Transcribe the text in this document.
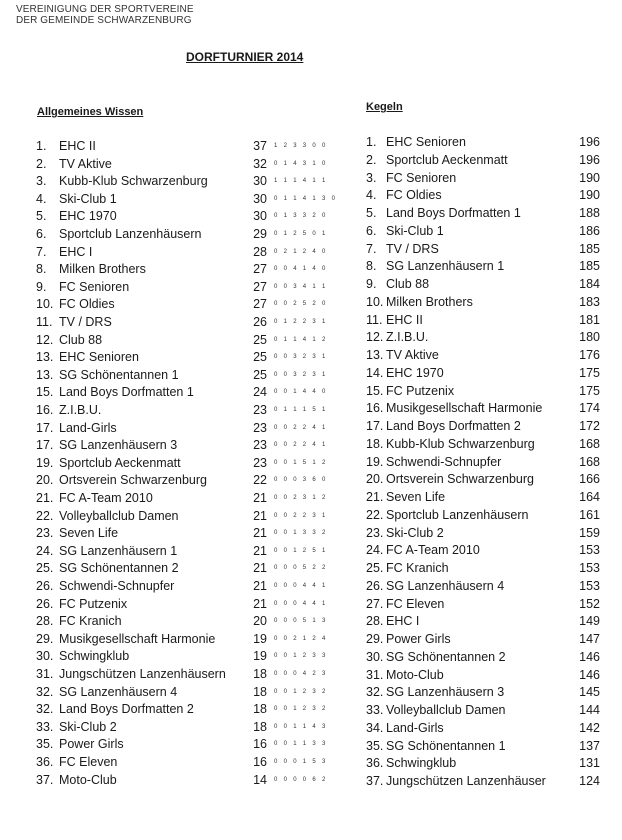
VEREINIGUNG DER SPORTVEREINE
DER GEMEINDE SCHWARZENBURG
DORFTURNIER 2014
Allgemeines Wissen	Kegeln
1. EHC II	37 1 2 3 3 0 0
2. TV Aktive	32 0 1 4 3 1 0
3. Kubb-Klub Schwarzenburg	30 1 1 1 4 1 1
4. Ski-Club 1	30 0 1 1 4 1 3 0
5. EHC 1970	30 0 1 3 3 2 0
6. Sportclub Lanzenhäusern	29 0 1 2 5 0 1
7. EHC I	28 0 2 1 2 4 0
8. Milken Brothers	27 0 0 4 1 4 0
9. FC Senioren	27 0 0 3 4 1 1
10. FC Oldies	27 0 0 2 5 2 0
11. TV / DRS	26 0 1 2 2 3 1
12. Club 88	25 0 1 1 4 1 2
13. EHC Senioren	25 0 0 3 2 3 1
13. SG Schönentannen 1	25 0 0 3 2 3 1
15. Land Boys Dorfmatten 1	24 0 0 1 4 4 0
16. Z.I.B.U.	23 0 1 1 1 5 1
17. Land-Girls	23 0 0 2 2 4 1
17. SG Lanzenhäusern 3	23 0 0 2 2 4 1
19. Sportclub Aeckenmatt	23 0 0 1 5 1 2
20. Ortsverein Schwarzenburg	22 0 0 0 3 6 0
21. FC A-Team 2010	21 0 0 2 3 1 2
22. Volleyballclub Damen	21 0 0 2 2 3 1
23. Seven Life	21 0 0 1 3 3 2
24. SG Lanzenhäusern 1	21 0 0 1 2 5 1
25. SG Schönentannen 2	21 0 0 0 5 2 2
26. Schwendi-Schnupfer	21 0 0 0 4 4 1
26. FC Putzenix	21 0 0 0 4 4 1
28. FC Kranich	20 0 0 0 5 1 3
29. Musikgesellschaft Harmonie	19 0 0 2 1 2 4
30. Schwingklub	19 0 0 1 2 3 3
31. Jungschützen Lanzenhäusern	18 0 0 0 4 2 3
32. SG Lanzenhäusern 4	18 0 0 1 2 3 2
32. Land Boys Dorfmatten 2	18 0 0 1 2 3 2
33. Ski-Club 2	18 0 0 1 1 4 3
35. Power Girls	16 0 0 1 1 3 3
36. FC Eleven	16 0 0 0 1 5 3
37. Moto-Club	14 0 0 0 0 6 2
1. EHC Senioren	196
2. Sportclub Aeckenmatt	196
3. FC Senioren	190
4. FC Oldies	190
5. Land Boys Dorfmatten 1	188
6. Ski-Club 1	186
7. TV / DRS	185
8. SG Lanzenhäusern 1	185
9. Club 88	184
10. Milken Brothers	183
11. EHC II	181
12. Z.I.B.U.	180
13. TV Aktive	176
14. EHC 1970	175
15. FC Putzenix	175
16. Musikgesellschaft Harmonie	174
17. Land Boys Dorfmatten 2	172
18. Kubb-Klub Schwarzenburg	168
19. Schwendi-Schnupfer	168
20. Ortsverein Schwarzenburg	166
21. Seven Life	164
22. Sportclub Lanzenhäusern	161
23. Ski-Club 2	159
24. FC A-Team 2010	153
25. FC Kranich	153
26. SG Lanzenhäusern 4	153
27. FC Eleven	152
28. EHC I	149
29. Power Girls	147
30. SG Schönentannen 2	146
31. Moto-Club	146
32. SG Lanzenhäusern 3	145
33. Volleyballclub Damen	144
34. Land-Girls	142
35. SG Schönentannen 1	137
36. Schwingklub	131
37. Jungschützen Lanzenhäuser	124
